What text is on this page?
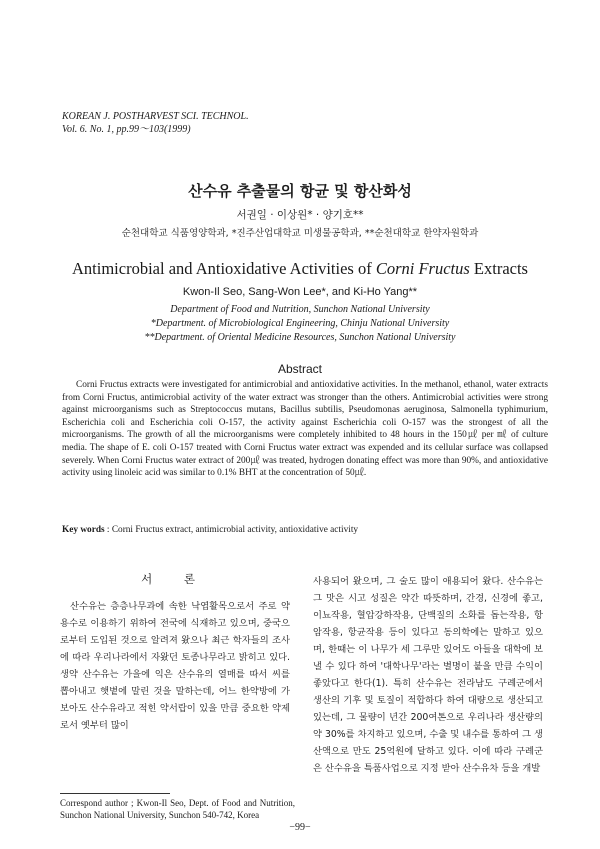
KOREAN J. POSTHARVEST SCI. TECHNOL.
Vol. 6. No. 1, pp.99～103(1999)
산수유 추출물의 항균 및 항산화성
서권일 · 이상원* · 양기호**
순천대학교 식품영양학과, *진주산업대학교 미생물공학과, **순천대학교 한약자원학과
Antimicrobial and Antioxidative Activities of Corni Fructus Extracts
Kwon-Il Seo, Sang-Won Lee*, and Ki-Ho Yang**
Department of Food and Nutrition, Sunchon National University
*Department. of Microbiological Engineering, Chinju National University
**Department. of Oriental Medicine Resources, Sunchon National University
Abstract

Corni Fructus extracts were investigated for antimicrobial and antioxidative activities. In the methanol, ethanol, water extracts from Corni Fructus, antimicrobial activity of the water extract was stronger than the others. Antimicrobial activities were strong against microorganisms such as Streptococcus mutans, Bacillus subtilis, Pseudomonas aeruginosa, Salmonella typhimurium, Escherichia coli and Escherichia coli O-157, the activity against Escherichia coli O-157 was the strongest of all the microorganisms. The growth of all the microorganisms were completely inhibited to 48 hours in the 150㎕ per ㎖ of culture media. The shape of E. coli O-157 treated with Corni Fructus water extract was expended and its cellular surface was collapsed severely. When Corni Fructus water extract of 200㎕ was treated, hydrogen donating effect was more than 90%, and antioxidative activity using linoleic acid was similar to 0.1% BHT at the concentration of 50㎕.

Key words : Corni Fructus extract, antimicrobial activity, antioxidative activity
서 론

산수유는 층층나무과에 속한 낙엽활목으로서 주로 약용수로 이용하기 위하여 전국에 식재하고 있으며, 중국으로부터 도입된 것으로 알려져 왔으나 최근 학자들의 조사에 따라 우리나라에서 자왔던 토종나무라고 밝히고 있다. 생약 산수유는 가을에 익은 산수유의 열매를 따서 씨를 뽑아내고 햇볕에 말린 것을 말하는데, 어느 한약방에 가보아도 산수유라고 적힌 약서랍이 있을 만큼 중요한 약제로서 옛부터 많이

사용되어 왔으며, 그 술도 많이 애용되어 왔다. 산수유는 그 맛은 시고 성질은 약간 따뜻하며, 간경, 신경에 좋고, 이뇨작용, 혈압강하작용, 단백질의 소화를 돕는작용, 항암작용, 항균작용 등이 있다고 동의학에는 말하고 있으며, 한때는 이 나무가 세 그루만 있어도 아들을 대학에 보낼 수 있다 하여 '대학나무'라는 별명이 붙을 만큼 수익이 좋았다고 한다(1). 특히 산수유는 전라남도 구례군에서 생산의 기후 및 토질이 적합하다 하여 대량으로 생산되고 있는데, 그 물량이 년간 200여톤으로 우리나라 생산량의 약 30%를 차지하고 있으며, 수출 및 내수를 통하여 그 생산액으로 만도 25억원에 달하고 있다. 이에 따라 구례군은 산수유을 특품사업으로 지정 받아 산수유차 등을 개발

Correspond author ; Kwon-Il Seo, Dept. of Food and Nutrition, Sunchon National University, Sunchon 540-742, Korea
−99−
